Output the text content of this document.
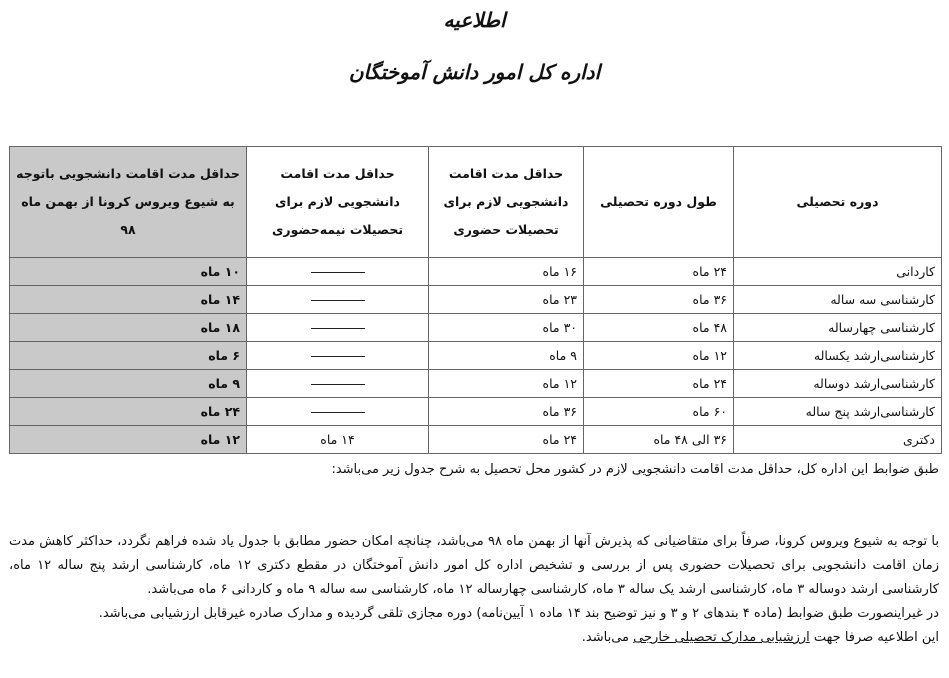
اطلاعیه
اداره کل امور دانش آموختگان
دوره تحصیلی	طول دوره تحصیلی	حداقل مدت اقامت دانشجویی لازم برای تحصیلات حضوری	حداقل مدت اقامت دانشجویی لازم برای تحصیلات نیمه‌حضوری	حداقل مدت اقامت دانشجویی باتوجه به شیوع ویروس کرونا از بهمن ماه ۹۸
کاردانی	۲۴ ماه	۱۶ ماه		۱۰ ماه
کارشناسی سه ساله	۳۶ ماه	۲۳ ماه		۱۴ ماه
کارشناسی چهارساله	۴۸ ماه	۳۰ ماه		۱۸ ماه
کارشناسی‌ارشد یکساله	۱۲ ماه	۹ ماه		۶ ماه
کارشناسی‌ارشد دوساله	۲۴ ماه	۱۲ ماه		۹ ماه
کارشناسی‌ارشد پنج ساله	۶۰ ماه	۳۶ ماه		۲۴ ماه
دکتری	۳۶ الی ۴۸ ماه	۲۴ ماه	۱۴ ماه	۱۲ ماه
طبق ضوابط این اداره کل، حداقل مدت اقامت دانشجویی لازم در کشور محل تحصیل به شرح جدول زیر می‌باشد:

با توجه به شیوع ویروس کرونا، صرفاً برای متقاضیانی که پذیرش آنها از بهمن ماه ۹۸ می‌باشد، چنانچه امکان حضور مطابق با جدول یاد شده فراهم نگردد، حداکثر کاهش مدت زمان اقامت دانشجویی برای تحصیلات حضوری پس از بررسی و تشخیص اداره کل امور دانش آموختگان در مقطع دکتری ۱۲ ماه، کارشناسی ارشد پنج ساله ۱۲ ماه، کارشناسی ارشد دوساله ۳ ماه، کارشناسی ارشد یک ساله ۳ ماه، کارشناسی چهارساله ۱۲ ماه، کارشناسی سه ساله ۹ ماه و کاردانی ۶ ماه می‌باشد.

در غیراینصورت طبق ضوابط (ماده ۴ بندهای ۲ و ۳ و نیز توضیح بند ۱۴ ماده ۱ آیین‌نامه) دوره مجازی تلقی گردیده و مدارک صادره غیرقابل ارزشیابی می‌باشد.

این اطلاعیه صرفا جهت ارزشیابی مدارک تحصیلی خارجی می‌باشد.
